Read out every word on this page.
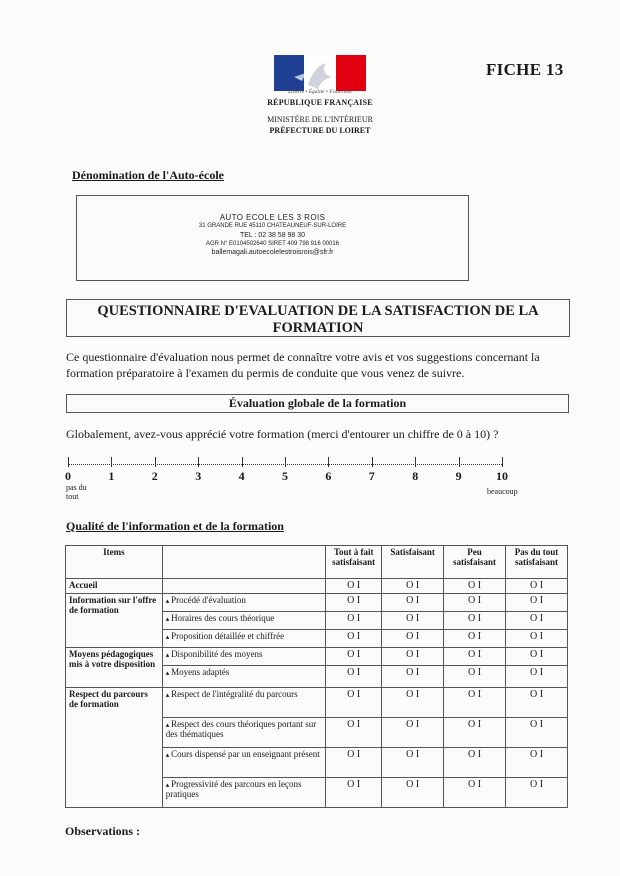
FICHE 13
Liberté • Égalité • Fraternité
RÉPUBLIQUE FRANÇAISE
MINISTÈRE DE L'INTÉRIEUR
PRÉFECTURE DU LOIRET
Dénomination de l'Auto-école
AUTO ECOLE LES 3 ROIS
31 GRANDE RUE 45110 CHATEAUNEUF-SUR-LOIRE
TEL : 02 38 58 98 30
AGR N° E0104502640 SIRET 409 798 916 00016
ballemagali.autoecolelestroisrois@sfr.fr
QUESTIONNAIRE D'EVALUATION DE LA SATISFACTION DE LA FORMATION
Ce questionnaire d'évaluation nous permet de connaître votre avis et vos suggestions concernant la formation préparatoire à l'examen du permis de conduite que vous venez de suivre.
Évaluation globale de la formation
Globalement, avez-vous apprécié votre formation (merci d'entourer un chiffre de 0 à 10) ?
0	1	2	3	4	5	6	7	8	9	10
pas du tout
beaucoup
Qualité de l'information et de la formation
Items		Tout à fait satisfaisant	Satisfaisant	Peu satisfaisant	Pas du tout satisfaisant
Accueil		O I	O I	O I	O I
Information sur l'offre de formation	▴ Procédé d'évaluation	O I	O I	O I	O I
	▴ Horaires des cours théorique	O I	O I	O I	O I
	▴ Proposition détaillée et chiffrée	O I	O I	O I	O I
Moyens pédagogiques mis à votre disposition	▴ Disponibilité des moyens	O I	O I	O I	O I
	▴ Moyens adaptés	O I	O I	O I	O I
Respect du parcours de formation	▴ Respect de l'intégralité du parcours	O I	O I	O I	O I
	▴ Respect des cours théoriques portant sur des thématiques	O I	O I	O I	O I
	▴ Cours dispensé par un enseignant présent	O I	O I	O I	O I
	▴ Progressivité des parcours en leçons pratiques	O I	O I	O I	O I
Observations :
